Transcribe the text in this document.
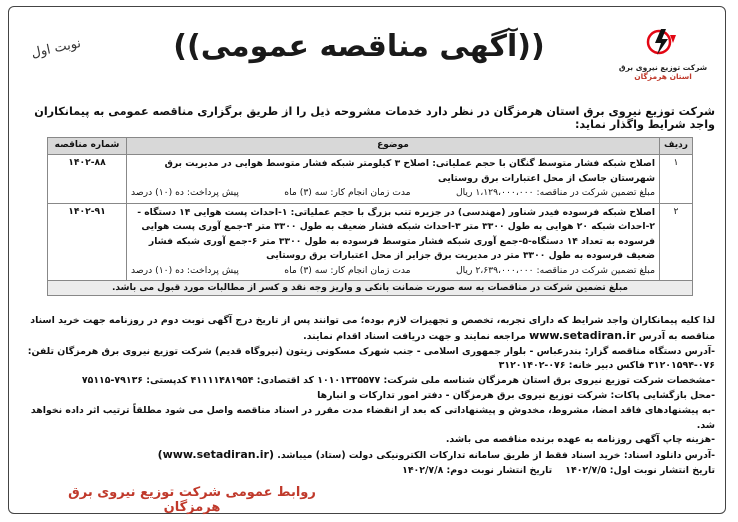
نوبت اول	((آگهی مناقصه عمومی))
شرکت توزیع نیروی برق
استان هرمزگان
شرکت توزیع نیروی برق استان هرمزگان در نظر دارد خدمات مشروحه ذیل را از طریق برگزاری مناقصه عمومی به پیمانکاران واجد شرایط واگذار نماید:
ردیف	موضوع	شماره مناقصه
۱	اصلاح شبکه فشار متوسط گنگان با حجم عملیاتی: اصلاح ۳ کیلومتر شبکه فشار متوسط هوایی در مدیریت برق شهرستان جاسک از محل اعتبارات برق روستایی
مبلغ تضمین شرکت در مناقصه: ۱،۱۲۹،۰۰۰،۰۰۰ ریال
مدت زمان انجام کار: سه (۳) ماه
پیش پرداخت: ده (۱۰) درصد	۱۴۰۲-۸۸
۲	اصلاح شبکه فرسوده فیدر شناور (مهندسی) در جزیره تنب بزرگ با حجم عملیاتی: ۱-احداث پست هوایی ۱۴ دستگاه - ۲-احداث شبکه ۲۰ هوایی به طول ۳۳۰۰ متر ۳-احداث شبکه فشار ضعیف به طول ۳۳۰۰ متر ۴-جمع آوری پست هوایی فرسوده به تعداد ۱۴ دستگاه-۵-جمع آوری شبکه فشار متوسط فرسوده به طول ۳۳۰۰ متر ۶-جمع آوری شبکه فشار ضعیف فرسوده به طول ۳۳۰۰ متر در مدیریت برق جزایر از محل اعتبارات برق روستایی
مبلغ تضمین شرکت در مناقصه: ۲،۶۳۹،۰۰۰،۰۰۰ ریال
مدت زمان انجام کار: سه (۳) ماه
پیش پرداخت: ده (۱۰) درصد	۱۴۰۲-۹۱
مبلغ تضمین شرکت در مناقصات به سه صورت ضمانت بانکی و واریز وجه نقد و کسر از مطالبات مورد قبول می باشد.		

لذا کلیه پیمانکاران واجد شرایط که دارای تجربه، تخصص و تجهیزات لازم بوده؛ می توانند پس از تاریخ درج آگهی نوبت دوم در روزنامه جهت خرید اسناد مناقصه به آدرس www.setadiran.ir مراجعه نمایند و جهت دریافت اسناد اقدام نمایند.

-آدرس دستگاه مناقصه گزار: بندرعباس - بلوار جمهوری اسلامی - جنب شهرک مسکونی زیتون (نیروگاه قدیم) شرکت توزیع نیروی برق هرمزگان تلفن: ۰۷۶-۳۱۲۰۱۵۹۴ فاکس دبیر خانه: ۰۷۶-۳۱۲۰۱۴۰۲

-مشخصات شرکت توزیع نیروی برق استان هرمزگان شناسه ملی شرکت: ۱۰۱۰۱۳۳۵۵۷۷ کد اقتصادی: ۴۱۱۱۱۴۸۱۹۵۴ کدپستی: ۷۹۱۳۶-۷۵۱۱۵

-محل بازگشایی پاکات: شرکت توزیع نیروی برق هرمزگان - دفتر امور تدارکات و انبارها

-به پیشنهادهای فاقد امضا، مشروط، مخدوش و پیشنهاداتی که بعد از انقضاء مدت مقرر در اسناد مناقصه واصل می شود مطلقاً ترتیب اثر داده نخواهد شد.

-هزینه چاپ آگهی روزنامه به عهده برنده مناقصه می باشد.

-آدرس دانلود اسناد: خرید اسناد فقط از طریق سامانه تدارکات الکترونیکی دولت (ستاد) میباشد. (www.setadiran.ir)

تاریخ انتشار نوبت اول: ۱۴۰۲/۷/۵    تاریخ انتشار نوبت دوم: ۱۴۰۲/۷/۸

روابط عمومی شرکت توزیع نیروی برق هرمزگان
